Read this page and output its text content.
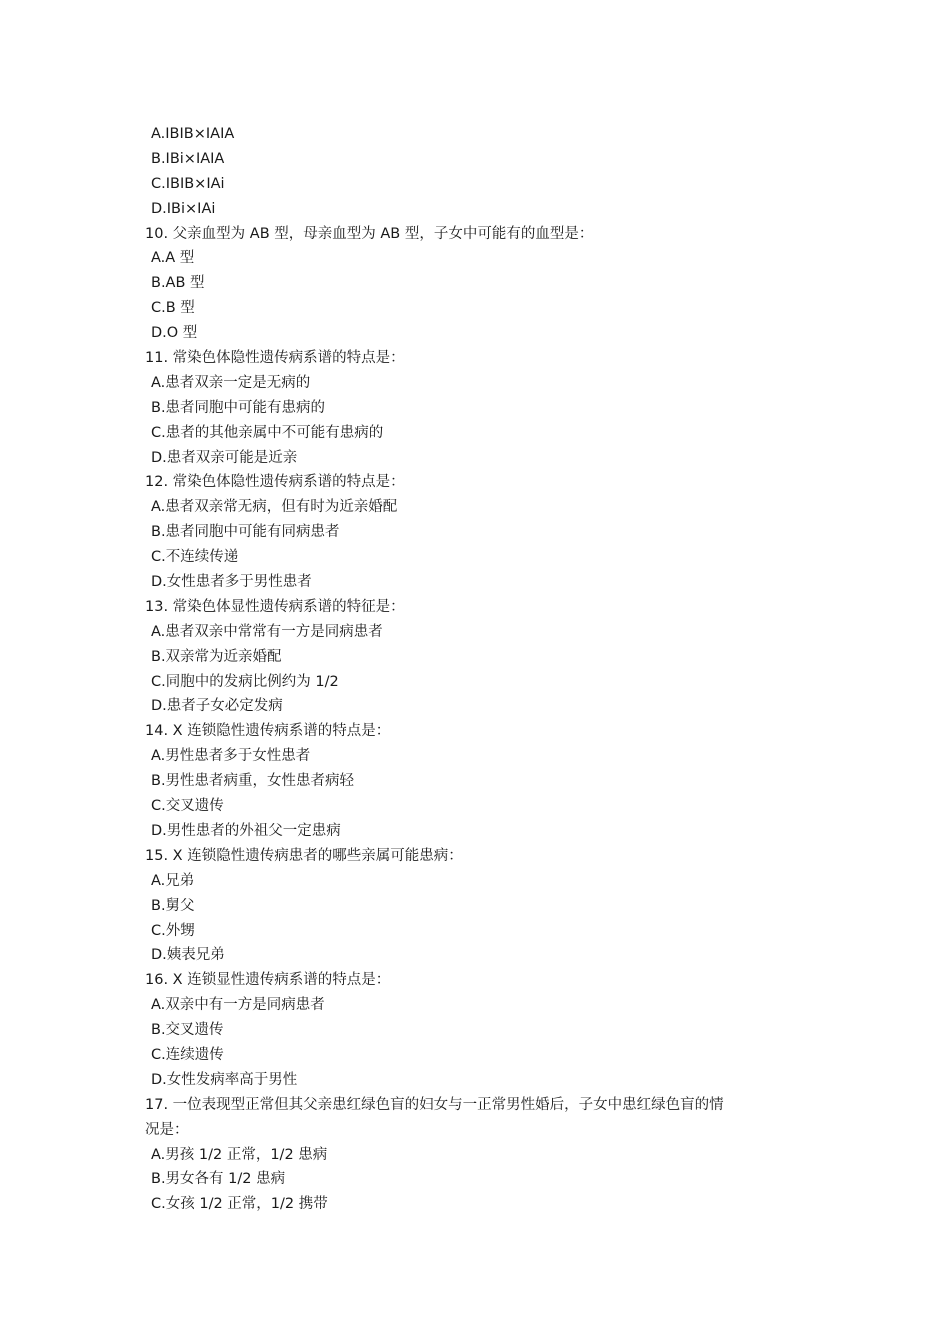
A.IBIB×IAIA
B.IBi×IAIA
C.IBIB×IAi
D.IBi×IAi
10. 父亲血型为 AB 型，母亲血型为 AB 型，子女中可能有的血型是：
A.A 型
B.AB 型
C.B 型
D.O 型
11. 常染色体隐性遗传病系谱的特点是：
A.患者双亲一定是无病的
B.患者同胞中可能有患病的
C.患者的其他亲属中不可能有患病的
D.患者双亲可能是近亲
12. 常染色体隐性遗传病系谱的特点是：
A.患者双亲常无病，但有时为近亲婚配
B.患者同胞中可能有同病患者
C.不连续传递
D.女性患者多于男性患者
13. 常染色体显性遗传病系谱的特征是：
A.患者双亲中常常有一方是同病患者
B.双亲常为近亲婚配
C.同胞中的发病比例约为 1/2
D.患者子女必定发病
14. X 连锁隐性遗传病系谱的特点是：
A.男性患者多于女性患者
B.男性患者病重，女性患者病轻
C.交叉遗传
D.男性患者的外祖父一定患病
15. X 连锁隐性遗传病患者的哪些亲属可能患病：
A.兄弟
B.舅父
C.外甥
D.姨表兄弟
16. X 连锁显性遗传病系谱的特点是：
A.双亲中有一方是同病患者
B.交叉遗传
C.连续遗传
D.女性发病率高于男性
17. 一位表现型正常但其父亲患红绿色盲的妇女与一正常男性婚后，子女中患红绿色盲的情
况是：
A.男孩 1/2 正常，1/2 患病
B.男女各有 1/2 患病
C.女孩 1/2 正常，1/2 携带
